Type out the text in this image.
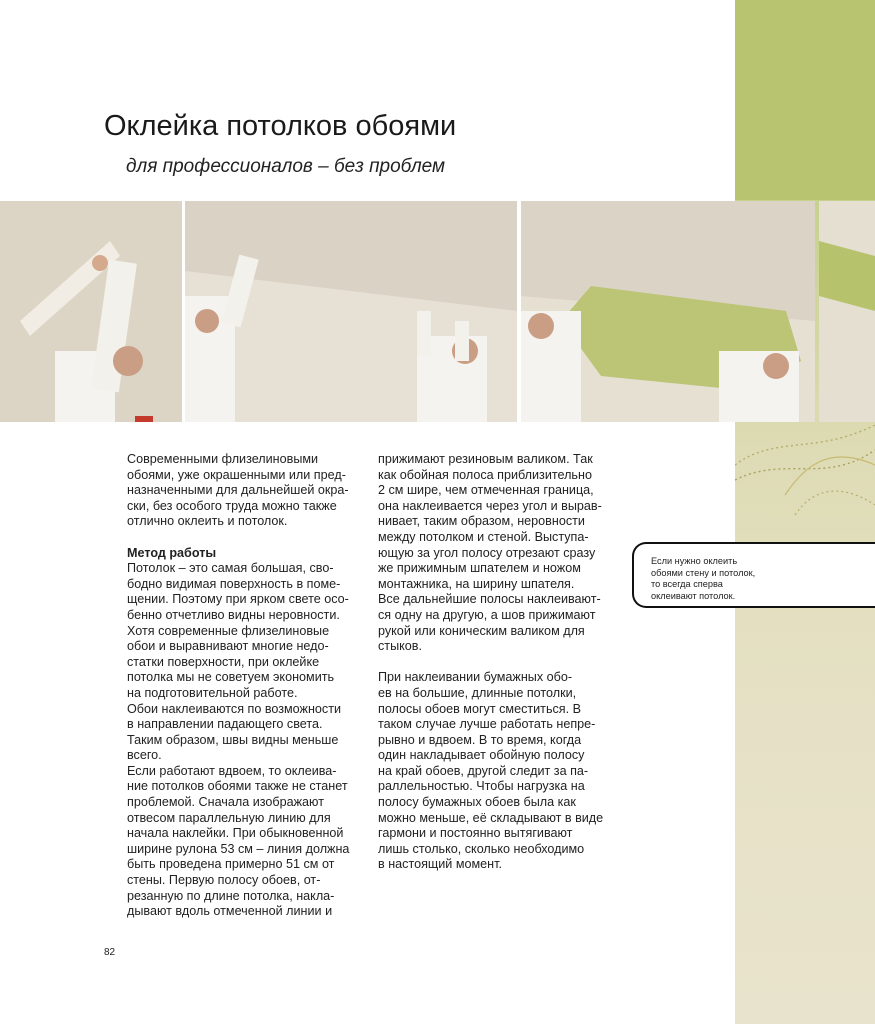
Оклейка потолков обоями
для профессионалов – без проблем

Современными флизелиновыми

обоями, уже окрашенными или пред-

назначенными для дальнейшей окра-

ски, без особого труда можно также

отлично оклеить и потолок.

Метод работы

Потолок – это самая большая, сво-

бодно видимая поверхность в поме-

щении. Поэтому при ярком свете осо-

бенно отчетливо видны неровности.

Хотя современные флизелиновые

обои и выравнивают многие недо-

статки поверхности, при оклейке

потолка мы не советуем экономить

на подготовительной работе.

Обои наклеиваются по возможности

в направлении падающего света.

Таким образом, швы видны меньше

всего.

Если работают вдвоем, то оклеива-

ние потолков обоями также не станет

проблемой. Сначала изображают

отвесом параллельную линию для

начала наклейки. При обыкновенной

ширине рулона 53 см – линия должна

быть проведена примерно 51 см от

стены. Первую полосу обоев, от-

резанную по длине потолка, накла-

дывают вдоль отмеченной линии и

прижимают резиновым валиком. Так

как обойная полоса приблизительно

2 см шире, чем отмеченная граница,

она наклеивается через угол и вырав-

нивает, таким образом, неровности

между потолком и стеной. Выступа-

ющую за угол полосу отрезают сразу

же прижимным шпателем и ножом

монтажника, на ширину шпателя.

Все дальнейшие полосы наклеивают-

ся одну на другую, а шов прижимают

рукой или коническим валиком для

стыков.

При наклеивании бумажных обо-

ев на большие, длинные потолки,

полосы обоев могут сместиться. В

таком случае лучше работать непре-

рывно и вдвоем. В то время, когда

один накладывает обойную полосу

на край обоев, другой следит за па-

раллельностью. Чтобы нагрузка на

полосу бумажных обоев была как

можно меньше, её складывают в виде

гармони и постоянно вытягивают

лишь столько, сколько необходимо

в настоящий момент.

Если нужно оклеить
обоями стену и потолок,
то всегда сперва
оклеивают потолок.
82
